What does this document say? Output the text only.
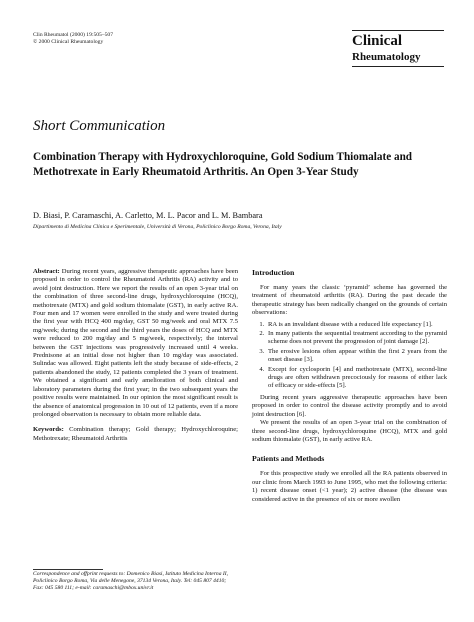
Clin Rheumatol (2000) 19:505–507
© 2000 Clinical Rheumatology	Clinical
Rheumatology
Short Communication
Combination Therapy with Hydroxychloroquine, Gold Sodium Thiomalate and Methotrexate in Early Rheumatoid Arthritis. An Open 3-Year Study
D. Biasi, P. Caramaschi, A. Carletto, M. L. Pacor and L. M. Bambara
Dipartimento di Medicina Clinica e Sperimentale, Università di Verona, Policlinico Borgo Roma, Verona, Italy
Abstract: During recent years, aggressive therapeutic approaches have been proposed in order to control the Rheumatoid Arthritis (RA) activity and to avoid joint destruction. Here we report the results of an open 3-year trial on the combination of three second-line drugs, hydroxychloroquine (HCQ), methotrexate (MTX) and gold sodium thiomalate (GST), in early active RA. Four men and 17 women were enrolled in the study and were treated during the first year with HCQ 400 mg/day, GST 50 mg/week and oral MTX 7.5 mg/week; during the second and the third years the doses of HCQ and MTX were reduced to 200 mg/day and 5 mg/week, respectively; the interval between the GST injections was progressively increased until 4 weeks. Prednisone at an initial dose not higher than 10 mg/day was associated. Sulindac was allowed. Eight patients left the study because of side-effects, 2 patients abandoned the study, 12 patients completed the 3 years of treatment. We obtained a significant and early amelioration of both clinical and laboratory parameters during the first year; in the two subsequent years the positive results were maintained. In our opinion the most significant result is the absence of anatomical progression in 10 out of 12 patients, even if a more prolonged observation is necessary to obtain more reliable data.
Keywords: Combination therapy; Gold therapy; Hydroxychloroquine; Methotrexate; Rheumatoid Arthritis
Correspondence and offprint requests to: Domenico Biasi, Istituto Medicina Interna II, Policlinico Borgo Roma, Via delle Menegone, 37134 Verona, Italy. Tel: 045 807 4410; Fax: 045 580 111; e-mail: caramaschi@mbox.univr.it
Introduction

For many years the classic ‘pyramid’ scheme has governed the treatment of rheumatoid arthritis (RA). During the past decade the therapeutic strategy has been radically changed on the grounds of certain observations:

1. RA is an invalidant disease with a reduced life expectancy [1].
2. In many patients the sequential treatment according to the pyramid scheme does not prevent the progression of joint damage [2].
3. The erosive lesions often appear within the first 2 years from the onset disease [3].
4. Except for cyclosporin [4] and methotrexate (MTX), second-line drugs are often withdrawn precociously for reasons of either lack of efficacy or side-effects [5].

During recent years aggressive therapeutic approaches have been proposed in order to control the disease activity promptly and to avoid joint destruction [6].

We present the results of an open 3-year trial on the combination of three second-line drugs, hydroxychloroquine (HCQ), MTX and gold sodium thiomalate (GST), in early active RA.

Patients and Methods

For this prospective study we enrolled all the RA patients observed in our clinic from March 1993 to June 1995, who met the following criteria: 1) recent disease onset (<1 year); 2) active disease (the disease was considered active in the presence of six or more swollen
